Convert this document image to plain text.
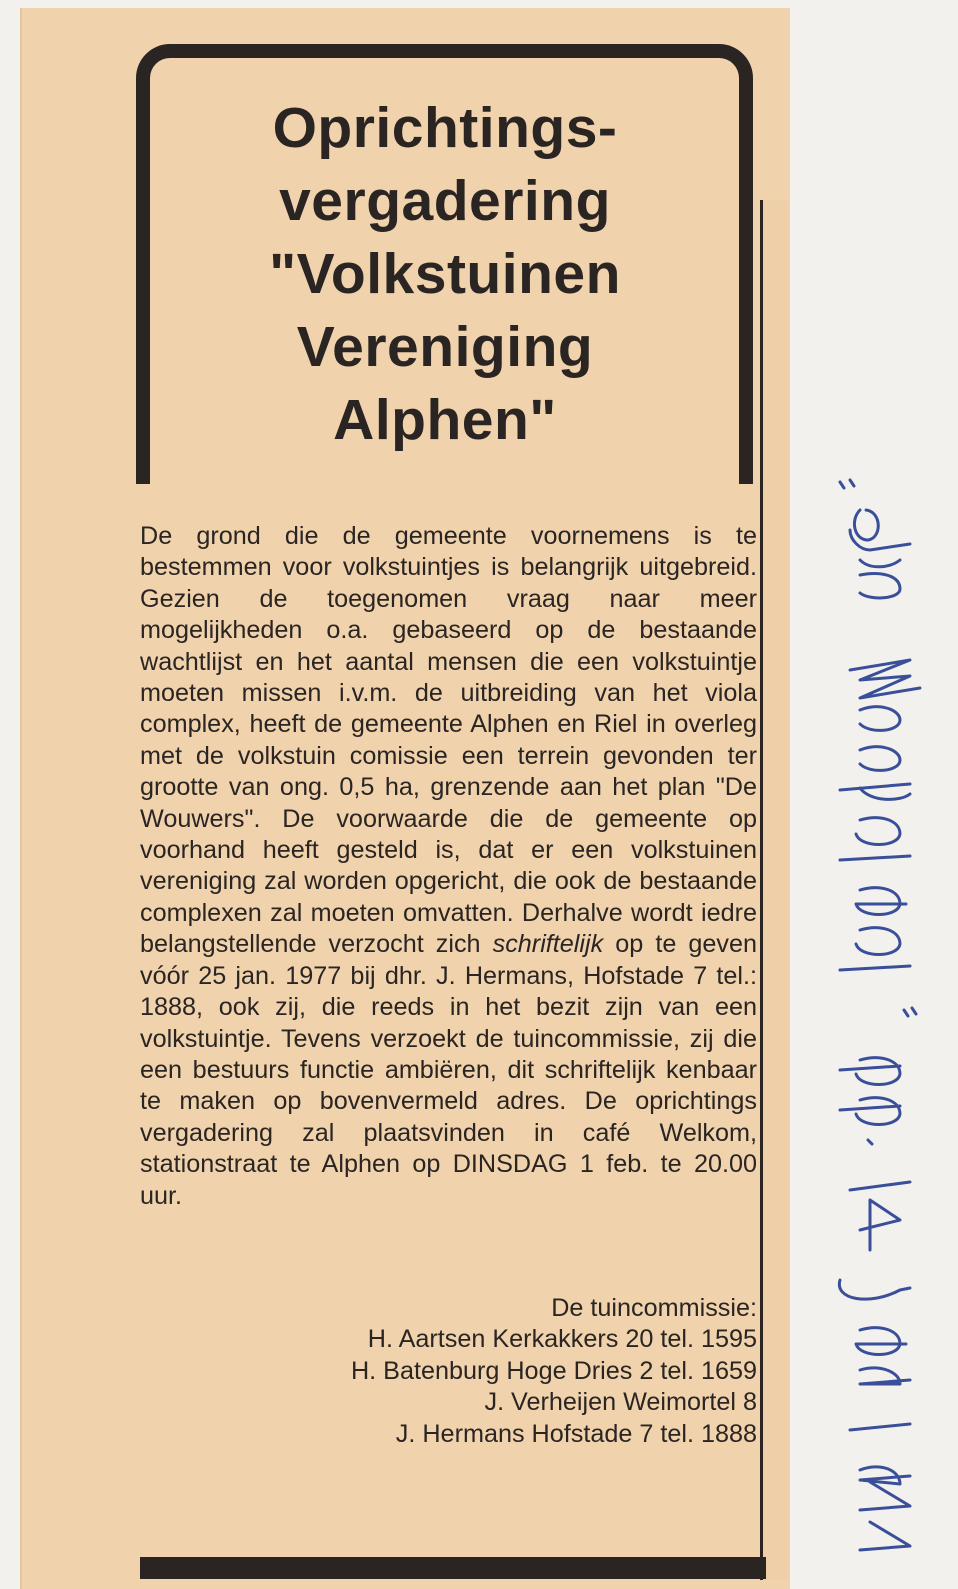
Oprichtings-
vergadering
"Volkstuinen
Vereniging
Alphen"
De grond die de gemeente voornemens is te bestemmen voor volkstuintjes is belangrijk uitgebreid. Gezien de toegenomen vraag naar meer mogelijkheden o.a. gebaseerd op de bestaande wachtlijst en het aantal mensen die een volkstuintje moeten missen i.v.m. de uitbreiding van het viola complex, heeft de gemeente Alphen en Riel in overleg met de volkstuin comissie een terrein gevonden ter grootte van ong. 0,5 ha, grenzende aan het plan "De Wouwers". De voorwaarde die de gemeente op voorhand heeft gesteld is, dat er een volkstuinen vereniging zal worden opgericht, die ook de bestaande complexen zal moeten omvatten. Derhalve wordt iedre belangstellende verzocht zich schriftelijk op te geven vóór 25 jan. 1977 bij dhr. J. Hermans, Hofstade 7 tel.: 1888, ook zij, die reeds in het bezit zijn van een volkstuintje. Tevens verzoekt de tuincommissie, zij die een bestuurs functie ambiëren, dit schriftelijk kenbaar te maken op bovenvermeld adres. De oprichtings vergadering zal plaatsvinden in café Welkom, stationstraat te Alphen op DINSDAG 1 feb. te 20.00 uur.
De tuincommissie:
H. Aartsen Kerkakkers 20 tel. 1595
H. Batenburg Hoge Dries 2 tel. 1659
J. Verheijen Weimortel 8
J. Hermans Hofstade 7 tel. 1888
